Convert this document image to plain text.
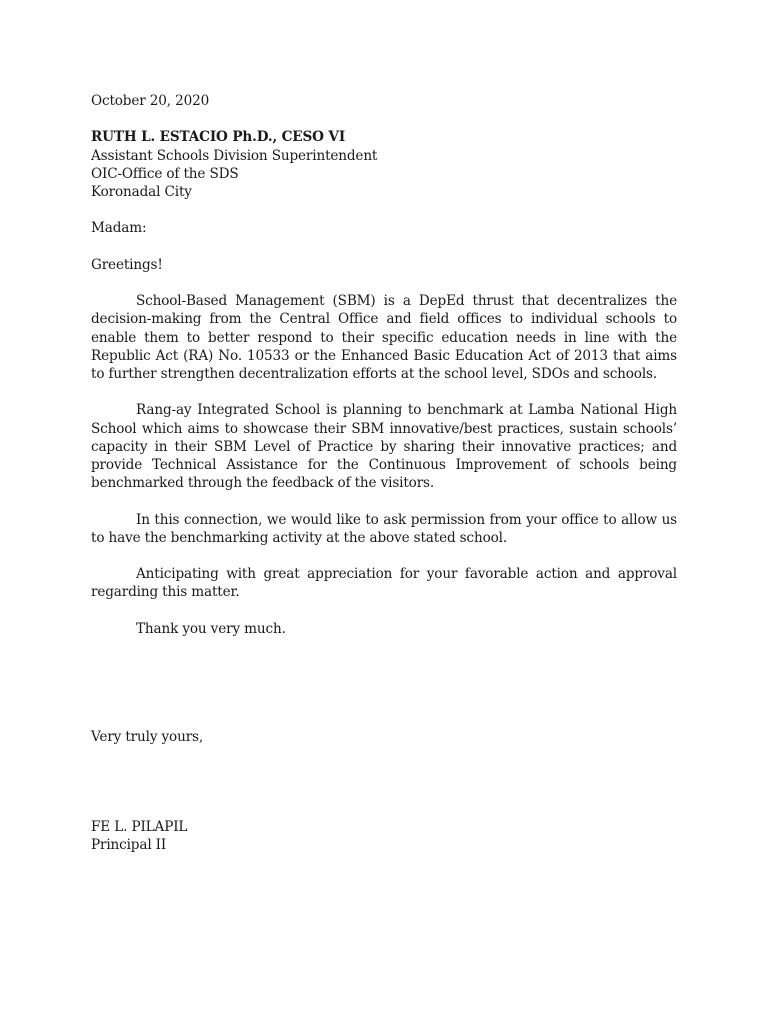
October 20, 2020
RUTH L. ESTACIO Ph.D., CESO VI
Assistant Schools Division Superintendent
OIC-Office of the SDS
Koronadal City
Madam:
Greetings!

School-Based Management (SBM) is a DepEd thrust that decentralizes the decision-making from the Central Office and field offices to individual schools to enable them to better respond to their specific education needs in line with the Republic Act (RA) No. 10533 or the Enhanced Basic Education Act of 2013 that aims to further strengthen decentralization efforts at the school level, SDOs and schools.

Rang-ay Integrated School is planning to benchmark at Lamba National High School which aims to showcase their SBM innovative/best practices, sustain schools’ capacity in their SBM Level of Practice by sharing their innovative practices; and provide Technical Assistance for the Continuous Improvement of schools being benchmarked through the feedback of the visitors.

In this connection, we would like to ask permission from your office to allow us to have the benchmarking activity at the above stated school.

Anticipating with great appreciation for your favorable action and approval regarding this matter.

Thank you very much.

Very truly yours,
FE L. PILAPIL
Principal II
